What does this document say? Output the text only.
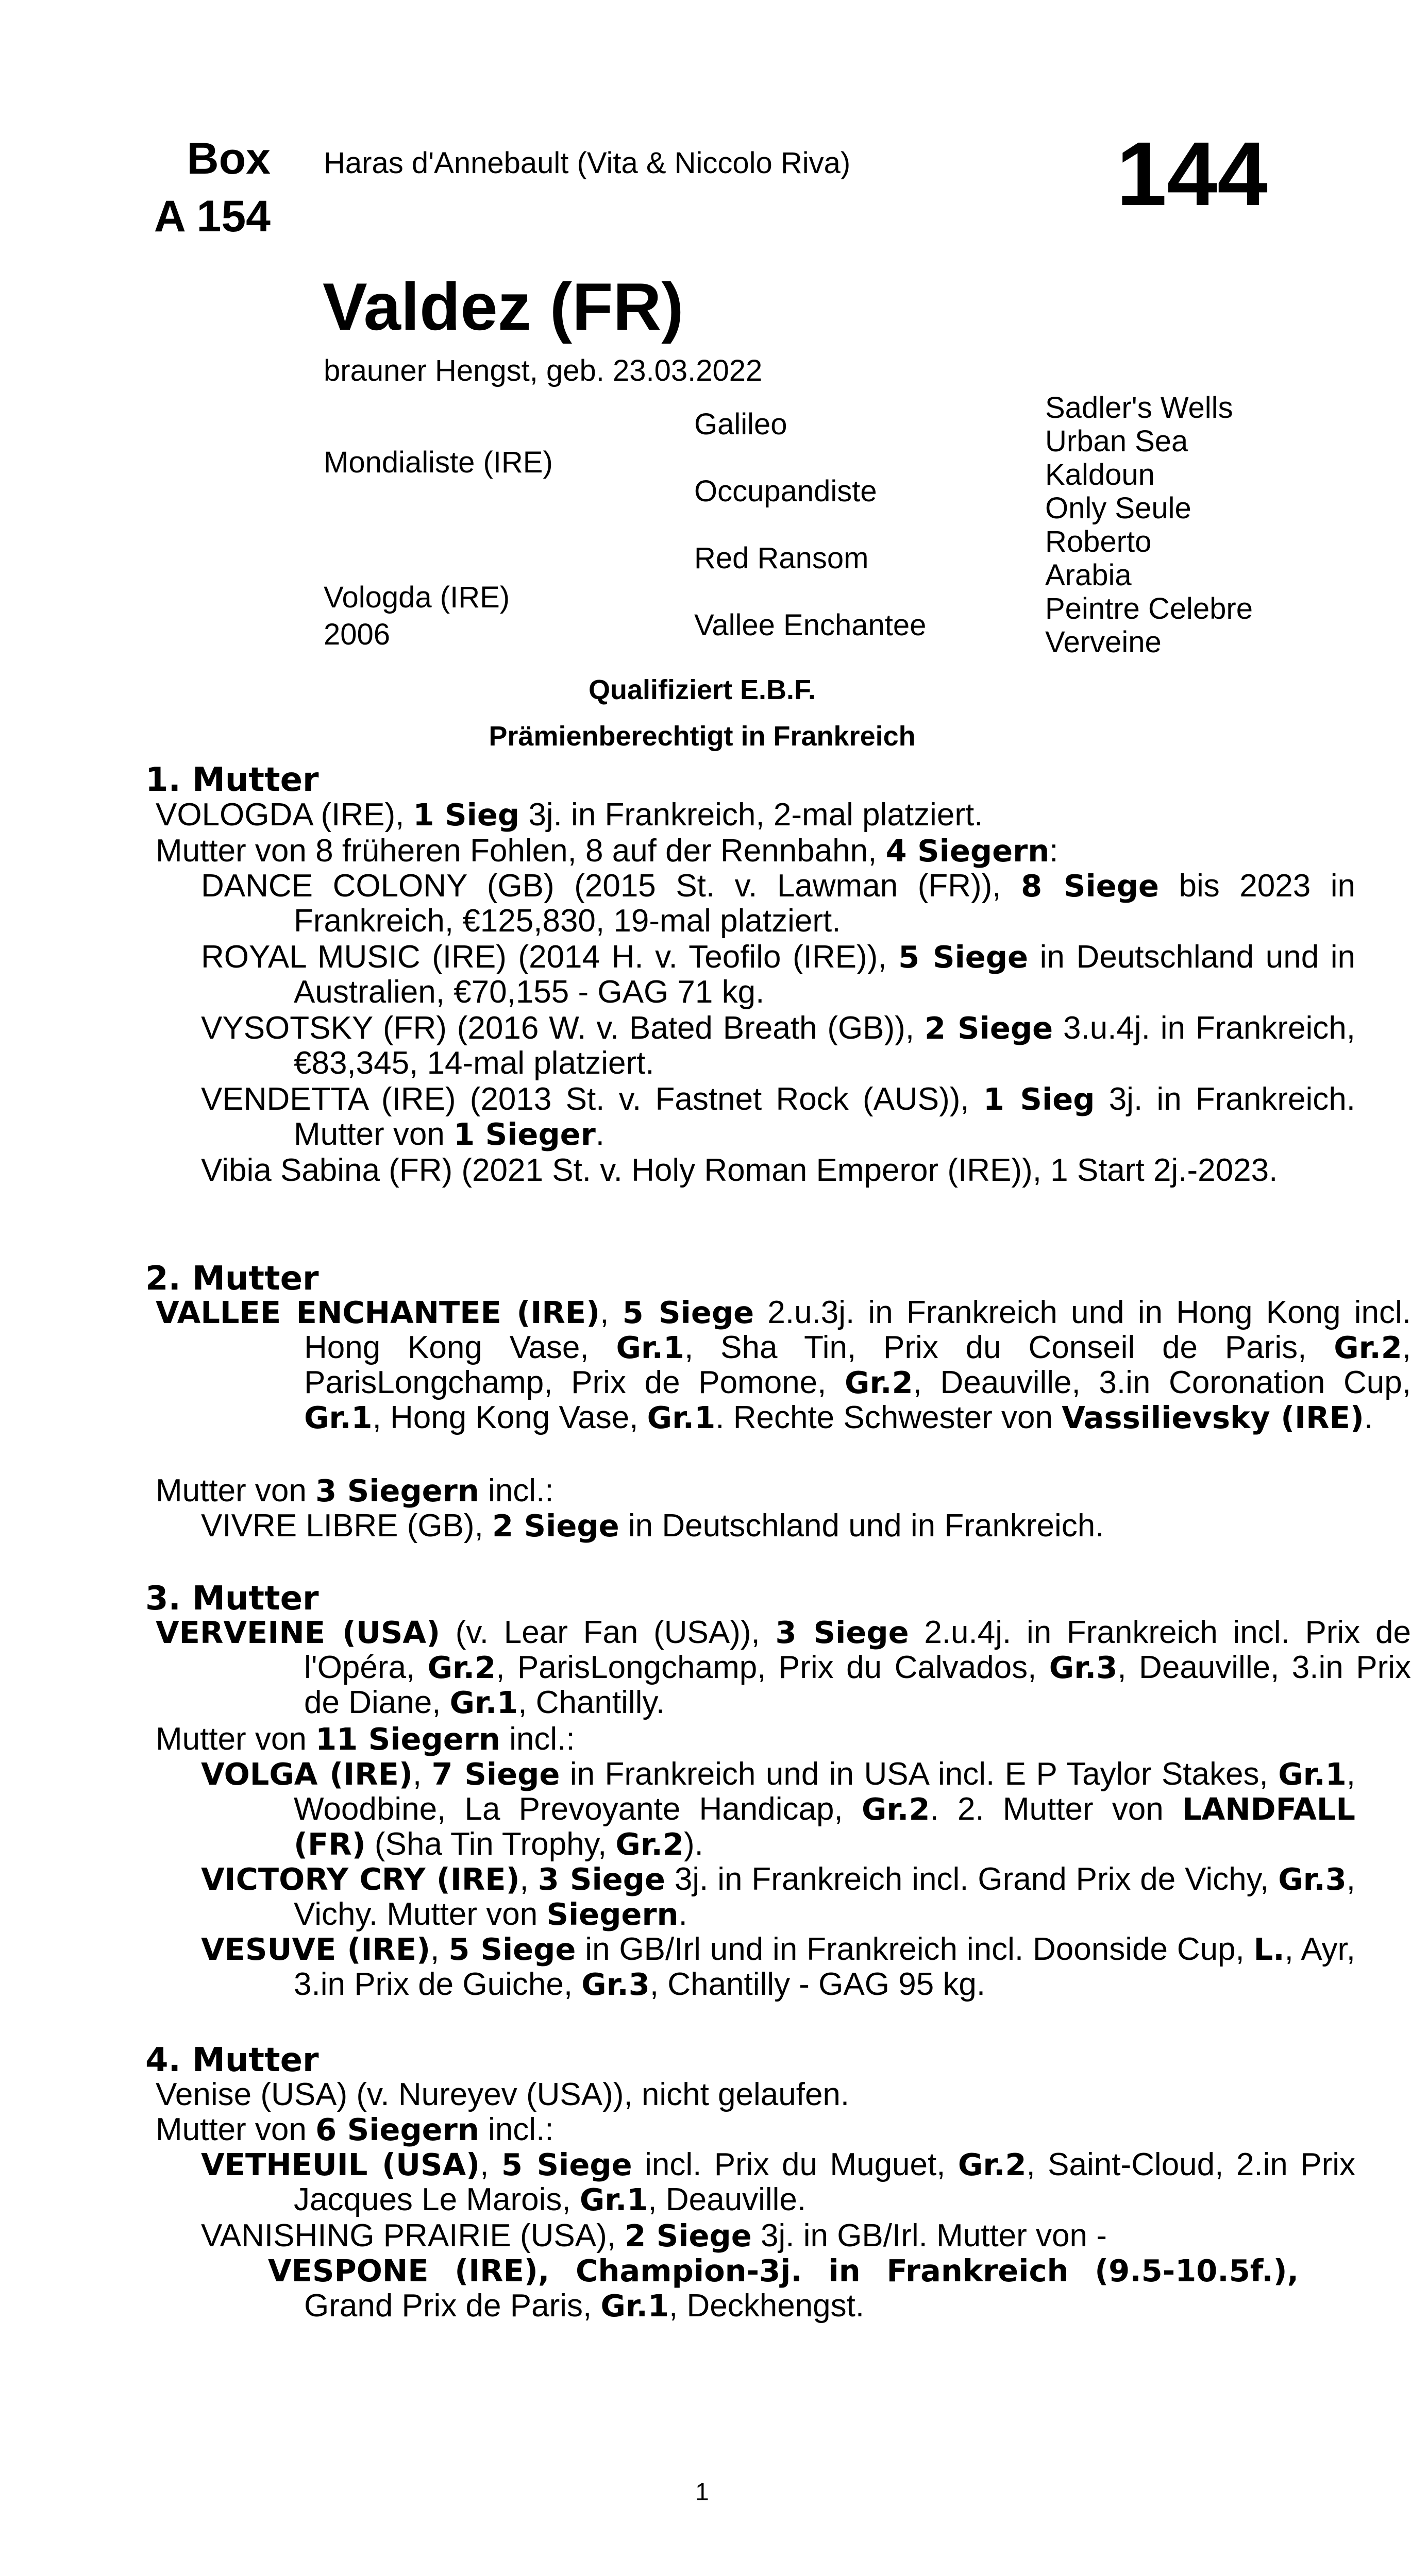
Box
A 154
Haras d'Annebault (Vita & Niccolo Riva)	144
Valdez (FR)
brauner Hengst, geb. 23.03.2022
Mondialiste (IRE)
Vologda (IRE)
2006
Galileo
Occupandiste
Red Ransom
Vallee Enchantee
Sadler's Wells
Urban Sea
Kaldoun
Only Seule
Roberto
Arabia
Peintre Celebre
Verveine
Qualifiziert E.B.F.
Prämienberechtigt in Frankreich
1. Mutter
VOLOGDA (IRE), 1 Sieg 3j. in Frankreich, 2-mal platziert.
Mutter von 8 früheren Fohlen, 8 auf der Rennbahn, 4 Siegern:
DANCE COLONY (GB) (2015 St. v. Lawman (FR)), 8 Siege bis 2023 in Frankreich, €125,830, 19-mal platziert.
ROYAL MUSIC (IRE) (2014 H. v. Teofilo (IRE)), 5 Siege in Deutschland und in Australien, €70,155 - GAG 71 kg.
VYSOTSKY (FR) (2016 W. v. Bated Breath (GB)), 2 Siege 3.u.4j. in Frankreich, €83,345, 14-mal platziert.
VENDETTA (IRE) (2013 St. v. Fastnet Rock (AUS)), 1 Sieg 3j. in Frankreich. Mutter von 1 Sieger.
Vibia Sabina (FR) (2021 St. v. Holy Roman Emperor (IRE)), 1 Start 2j.-2023.
2. Mutter
VALLEE ENCHANTEE (IRE), 5 Siege 2.u.3j. in Frankreich und in Hong Kong incl. Hong Kong Vase, Gr.1, Sha Tin, Prix du Conseil de Paris, Gr.2, ParisLongchamp, Prix de Pomone, Gr.2, Deauville, 3.in Coronation Cup, Gr.1, Hong Kong Vase, Gr.1. Rechte Schwester von Vassilievsky (IRE).
Mutter von 3 Siegern incl.:
VIVRE LIBRE (GB), 2 Siege in Deutschland und in Frankreich.
3. Mutter
VERVEINE (USA) (v. Lear Fan (USA)), 3 Siege 2.u.4j. in Frankreich incl. Prix de l'Opéra, Gr.2, ParisLongchamp, Prix du Calvados, Gr.3, Deauville, 3.in Prix de Diane, Gr.1, Chantilly.
Mutter von 11 Siegern incl.:
VOLGA (IRE), 7 Siege in Frankreich und in USA incl. E P Taylor Stakes, Gr.1, Woodbine, La Prevoyante Handicap, Gr.2. 2. Mutter von LANDFALL (FR) (Sha Tin Trophy, Gr.2).
VICTORY CRY (IRE), 3 Siege 3j. in Frankreich incl. Grand Prix de Vichy, Gr.3, Vichy. Mutter von Siegern.
VESUVE (IRE), 5 Siege in GB/Irl und in Frankreich incl. Doonside Cup, L., Ayr, 3.in Prix de Guiche, Gr.3, Chantilly - GAG 95 kg.
4. Mutter
Venise (USA) (v. Nureyev (USA)), nicht gelaufen.
Mutter von 6 Siegern incl.:
VETHEUIL (USA), 5 Siege incl. Prix du Muguet, Gr.2, Saint-Cloud, 2.in Prix Jacques Le Marois, Gr.1, Deauville.
VANISHING PRAIRIE (USA), 2 Siege 3j. in GB/Irl. Mutter von -
VESPONE (IRE), Champion-3j. in Frankreich (9.5-10.5f.), Grand Prix de Paris, Gr.1, Deckhengst.
1
